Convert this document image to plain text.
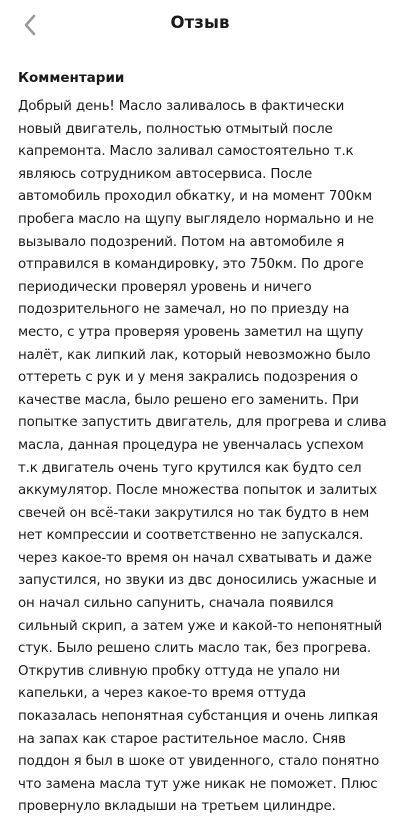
Отзыв
Комментарии
Добрый день! Масло заливалось в фактически
новый двигатель, полностью отмытый после
капремонта. Масло заливал самостоятельно т.к
являюсь сотрудником автосервиса. После
автомобиль проходил обкатку, и на момент 700км
пробега масло на щупу выглядело нормально и не
вызывало подозрений. Потом на автомобиле я
отправился в командировку, это 750км. По дроге
периодически проверял уровень и ничего
подозрительного не замечал, но по приезду на
место, с утра проверяя уровень заметил на щупу
налёт, как липкий лак, который невозможно было
оттереть с рук и у меня закрались подозрения о
качестве масла, было решено его заменить. При
попытке запустить двигатель, для прогрева и слива
масла, данная процедура не увенчалась успехом
т.к двигатель очень туго крутился как будто сел
аккумулятор. После множества попыток и залитых
свечей он всё-таки закрутился но так будто в нем
нет компрессии и соответственно не запускался.
через какое-то время он начал схватывать и даже
запустился, но звуки из двс доносились ужасные и
он начал сильно сапунить, сначала появился
сильный скрип, а затем уже и какой-то непонятный
стук. Было решено слить масло так, без прогрева.
Открутив сливную пробку оттуда не упало ни
капельки, а через какое-то время оттуда
показалась непонятная субстанция и очень липкая
на запах как старое растительное масло. Сняв
поддон я был в шоке от увиденного, стало понятно
что замена масла тут уже никак не поможет. Плюс
провернуло вкладыши на третьем цилиндре.
